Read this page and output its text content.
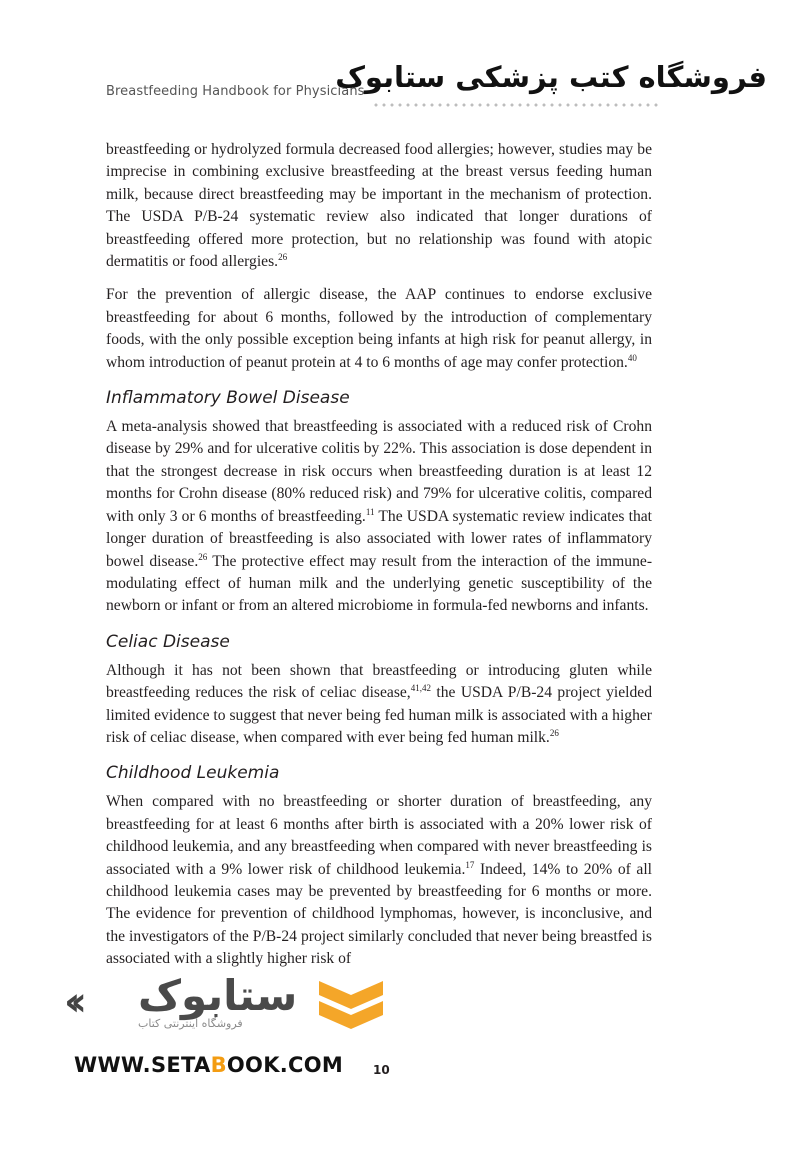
Breastfeeding Handbook for Physicians
فروشگاه کتب پزشکی ستابوک

breastfeeding or hydrolyzed formula decreased food allergies; however, studies may be imprecise in combining exclusive breastfeeding at the breast versus feeding human milk, because direct breastfeeding may be important in the mechanism of protection. The USDA P/B-24 systematic review also indicated that longer durations of breastfeeding offered more protection, but no relationship was found with atopic dermatitis or food allergies.$^{26}$

For the prevention of allergic disease, the AAP continues to endorse exclusive breastfeeding for about 6 months, followed by the introduction of complementary foods, with the only possible exception being infants at high risk for peanut allergy, in whom introduction of peanut protein at 4 to 6 months of age may confer protection.$^{40}$

Inflammatory Bowel Disease

A meta-analysis showed that breastfeeding is associated with a reduced risk of Crohn disease by 29% and for ulcerative colitis by 22%. This association is dose dependent in that the strongest decrease in risk occurs when breastfeeding duration is at least 12 months for Crohn disease (80% reduced risk) and 79% for ulcerative colitis, compared with only 3 or 6 months of breastfeeding.$^{11}$ The USDA systematic review indicates that longer duration of breastfeeding is also associated with lower rates of inflammatory bowel disease.$^{26}$ The protective effect may result from the interaction of the immune-modulating effect of human milk and the underlying genetic susceptibility of the newborn or infant or from an altered microbiome in formula-fed newborns and infants.

Celiac Disease

Although it has not been shown that breastfeeding or introducing gluten while breastfeeding reduces the risk of celiac disease,$^{41,42}$ the USDA P/B-24 project yielded limited evidence to suggest that never being fed human milk is associated with a higher risk of celiac disease, when compared with ever being fed human milk.$^{26}$

Childhood Leukemia

When compared with no breastfeeding or shorter duration of breastfeeding, any breastfeeding for at least 6 months after birth is associated with a 20% lower risk of childhood leukemia, and any breastfeeding when compared with never breastfeeding is associated with a 9% lower risk of childhood leukemia.$^{17}$ Indeed, 14% to 20% of all childhood leukemia cases may be prevented by breastfeeding for 6 months or more. The evidence for prevention of childhood lymphomas, however, is inconclusive, and the investigators of the P/B-24 project similarly concluded that never being breastfed is associated with a slightly higher risk of

‹‹ ستابوک
فروشگاه اینترنتی کتاب
WWW.SETABOOK.COM 10
